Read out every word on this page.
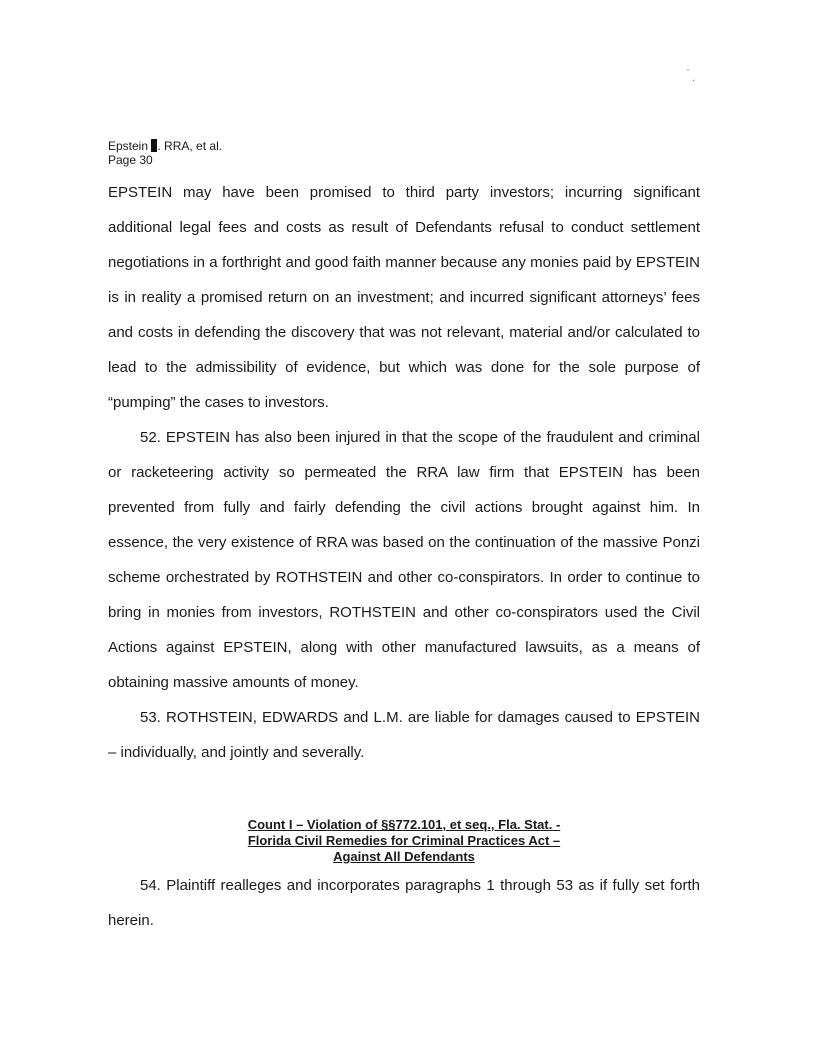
Epstein . RRA, et al.
Page 30

EPSTEIN may have been promised to third party investors; incurring significant additional legal fees and costs as result of Defendants refusal to conduct settlement negotiations in a forthright and good faith manner because any monies paid by EPSTEIN is in reality a promised return on an investment; and incurred significant attorneys’ fees and costs in defending the discovery that was not relevant, material and/or calculated to lead to the admissibility of evidence, but which was done for the sole purpose of “pumping” the cases to investors.

52. EPSTEIN has also been injured in that the scope of the fraudulent and criminal or racketeering activity so permeated the RRA law firm that EPSTEIN has been prevented from fully and fairly defending the civil actions brought against him. In essence, the very existence of RRA was based on the continuation of the massive Ponzi scheme orchestrated by ROTHSTEIN and other co-conspirators. In order to continue to bring in monies from investors, ROTHSTEIN and other co-conspirators used the Civil Actions against EPSTEIN, along with other manufactured lawsuits, as a means of obtaining massive amounts of money.

53. ROTHSTEIN, EDWARDS and L.M. are liable for damages caused to EPSTEIN – individually, and jointly and severally.

Count I – Violation of §§772.101, et seq., Fla. Stat. -
Florida Civil Remedies for Criminal Practices Act –
Against All Defendants

54. Plaintiff realleges and incorporates paragraphs 1 through 53 as if fully set forth herein.

·
.
